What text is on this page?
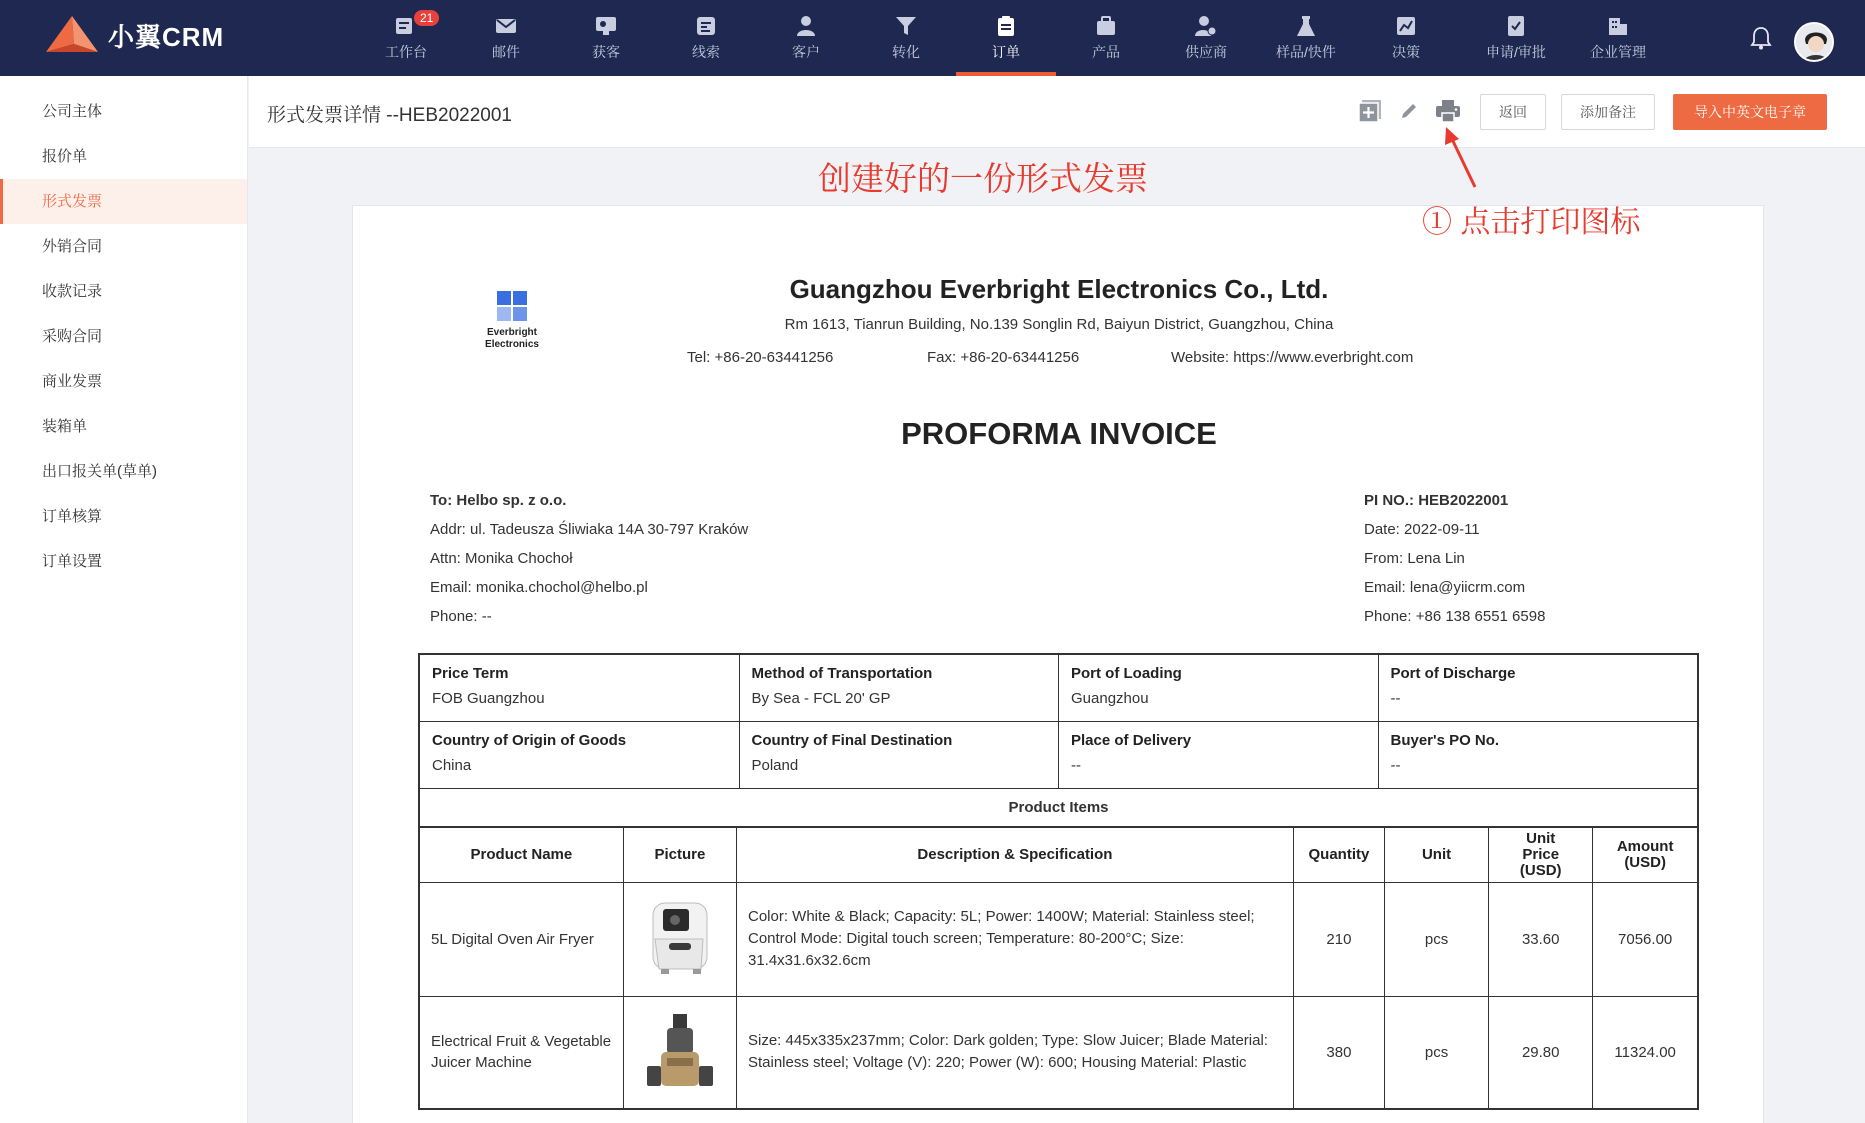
小翼CRM
工作台
21
邮件	获客	线索	客户	转化	订单	产品	供应商	样品/快件	决策	申请/审批	企业管理
公司主体
报价单
形式发票
外销合同
收款记录
采购合同
商业发票
装箱单
出口报关单(草单)
订单核算
订单设置
形式发票详情 --HEB2022001	返回	添加备注	导入中英文电子章
Everbright
Electronics
Guangzhou Everbright Electronics Co., Ltd.
Rm 1613, Tianrun Building, No.139 Songlin Rd, Baiyun District, Guangzhou, China
Tel: +86-20-63441256	Fax: +86-20-63441256	Website: https://www.everbright.com
PROFORMA INVOICE
To: Helbo sp. z o.o.
Addr: ul. Tadeusza Śliwiaka 14A 30-797 Kraków
Attn: Monika Chochoł
Email: monika.chochol@helbo.pl
Phone: --
PI NO.: HEB2022001
Date: 2022-09-11
From: Lena Lin
Email: lena@yiicrm.com
Phone: +86 138 6551 6598
Price Term
FOB Guangzhou
Method of Transportation
By Sea - FCL 20' GP
Port of Loading
Guangzhou
Port of Discharge
--
Country of Origin of Goods
China
Country of Final Destination
Poland
Place of Delivery
--
Buyer's PO No.
--
Product Items
Product Name	Picture	Description & Specification	Quantity	Unit	Unit Price (USD)	Amount (USD)
5L Digital Oven Air Fryer		Color: White & Black; Capacity: 5L; Power: 1400W; Material: Stainless steel; Control Mode: Digital touch screen; Temperature: 80-200°C; Size: 31.4x31.6x32.6cm	210	pcs	33.60	7056.00
Electrical Fruit & Vegetable Juicer Machine		Size: 445x335x237mm; Color: Dark golden; Type: Slow Juicer; Blade Material: Stainless steel; Voltage (V): 220; Power (W): 600; Housing Material: Plastic	380	pcs	29.80	11324.00
创建好的一份形式发票
① 点击打印图标
